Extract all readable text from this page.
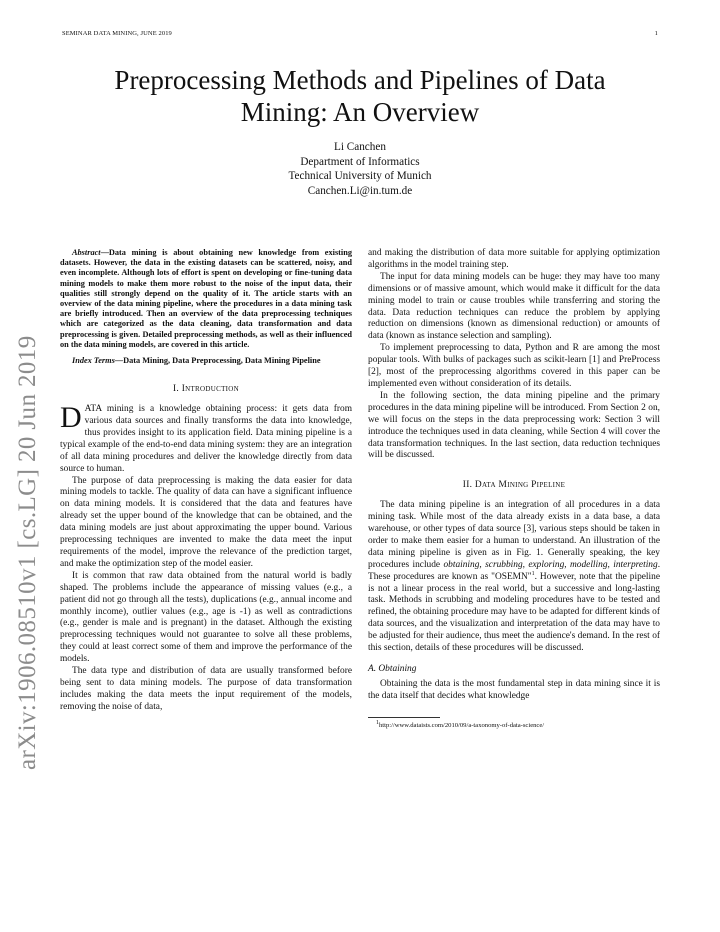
SEMINAR DATA MINING, JUNE 2019	1
Preprocessing Methods and Pipelines of Data Mining: An Overview
Li Canchen
Department of Informatics
Technical University of Munich
Canchen.Li@in.tum.de
arXiv:1906.08510v1 [cs.LG] 20 Jun 2019

Abstract—Data mining is about obtaining new knowledge from existing datasets. However, the data in the existing datasets can be scattered, noisy, and even incomplete. Although lots of effort is spent on developing or fine-tuning data mining models to make them more robust to the noise of the input data, their qualities still strongly depend on the quality of it. The article starts with an overview of the data mining pipeline, where the procedures in a data mining task are briefly introduced. Then an overview of the data preprocessing techniques which are categorized as the data cleaning, data transformation and data preprocessing is given. Detailed preprocessing methods, as well as their influenced on the data mining models, are covered in this article.

Index Terms—Data Mining, Data Preprocessing, Data Mining Pipeline

I. Introduction

DATA mining is a knowledge obtaining process: it gets data from various data sources and finally transforms the data into knowledge, thus provides insight to its application field. Data mining pipeline is a typical example of the end-to-end data mining system: they are an integration of all data mining procedures and deliver the knowledge directly from data source to human.

The purpose of data preprocessing is making the data easier for data mining models to tackle. The quality of data can have a significant influence on data mining models. It is considered that the data and features have already set the upper bound of the knowledge that can be obtained, and the data mining models are just about approximating the upper bound. Various preprocessing techniques are invented to make the data meet the input requirements of the model, improve the relevance of the prediction target, and make the optimization step of the model easier.

It is common that raw data obtained from the natural world is badly shaped. The problems include the appearance of missing values (e.g., a patient did not go through all the tests), duplications (e.g., annual income and monthly income), outlier values (e.g., age is -1) as well as contradictions (e.g., gender is male and is pregnant) in the dataset. Although the existing preprocessing techniques would not guarantee to solve all these problems, they could at least correct some of them and improve the performance of the models.

The data type and distribution of data are usually transformed before being sent to data mining models. The purpose of data transformation includes making the data meets the input requirement of the models, removing the noise of data,

and making the distribution of data more suitable for applying optimization algorithms in the model training step.

The input for data mining models can be huge: they may have too many dimensions or of massive amount, which would make it difficult for the data mining model to train or cause troubles while transferring and storing the data. Data reduction techniques can reduce the problem by applying reduction on dimensions (known as dimensional reduction) or amounts of data (known as instance selection and sampling).

To implement preprocessing to data, Python and R are among the most popular tools. With bulks of packages such as scikit-learn [1] and PreProcess [2], most of the preprocessing algorithms covered in this paper can be implemented even without consideration of its details.

In the following section, the data mining pipeline and the primary procedures in the data mining pipeline will be introduced. From Section 2 on, we will focus on the steps in the data preprocessing work: Section 3 will introduce the techniques used in data cleaning, while Section 4 will cover the data transformation techniques. In the last section, data reduction techniques will be discussed.

II. Data Mining Pipeline

The data mining pipeline is an integration of all procedures in a data mining task. While most of the data already exists in a data base, a data warehouse, or other types of data source [3], various steps should be taken in order to make them easier for a human to understand. An illustration of the data mining pipeline is given as in Fig. 1. Generally speaking, the key procedures include obtaining, scrubbing, exploring, modelling, interpreting. These procedures are known as "OSEMN"$^1$. However, note that the pipeline is not a linear process in the real world, but a successive and long-lasting task. Methods in scrubbing and modeling procedures have to be tested and refined, the obtaining procedure may have to be adapted for different kinds of data sources, and the visualization and interpretation of the data may have to be adjusted for their audience, thus meet the audience's demand. In the rest of this section, details of these procedures will be discussed.

A. Obtaining

Obtaining the data is the most fundamental step in data mining since it is the data itself that decides what knowledge

$^1$http://www.dataists.com/2010/09/a-taxonomy-of-data-science/
